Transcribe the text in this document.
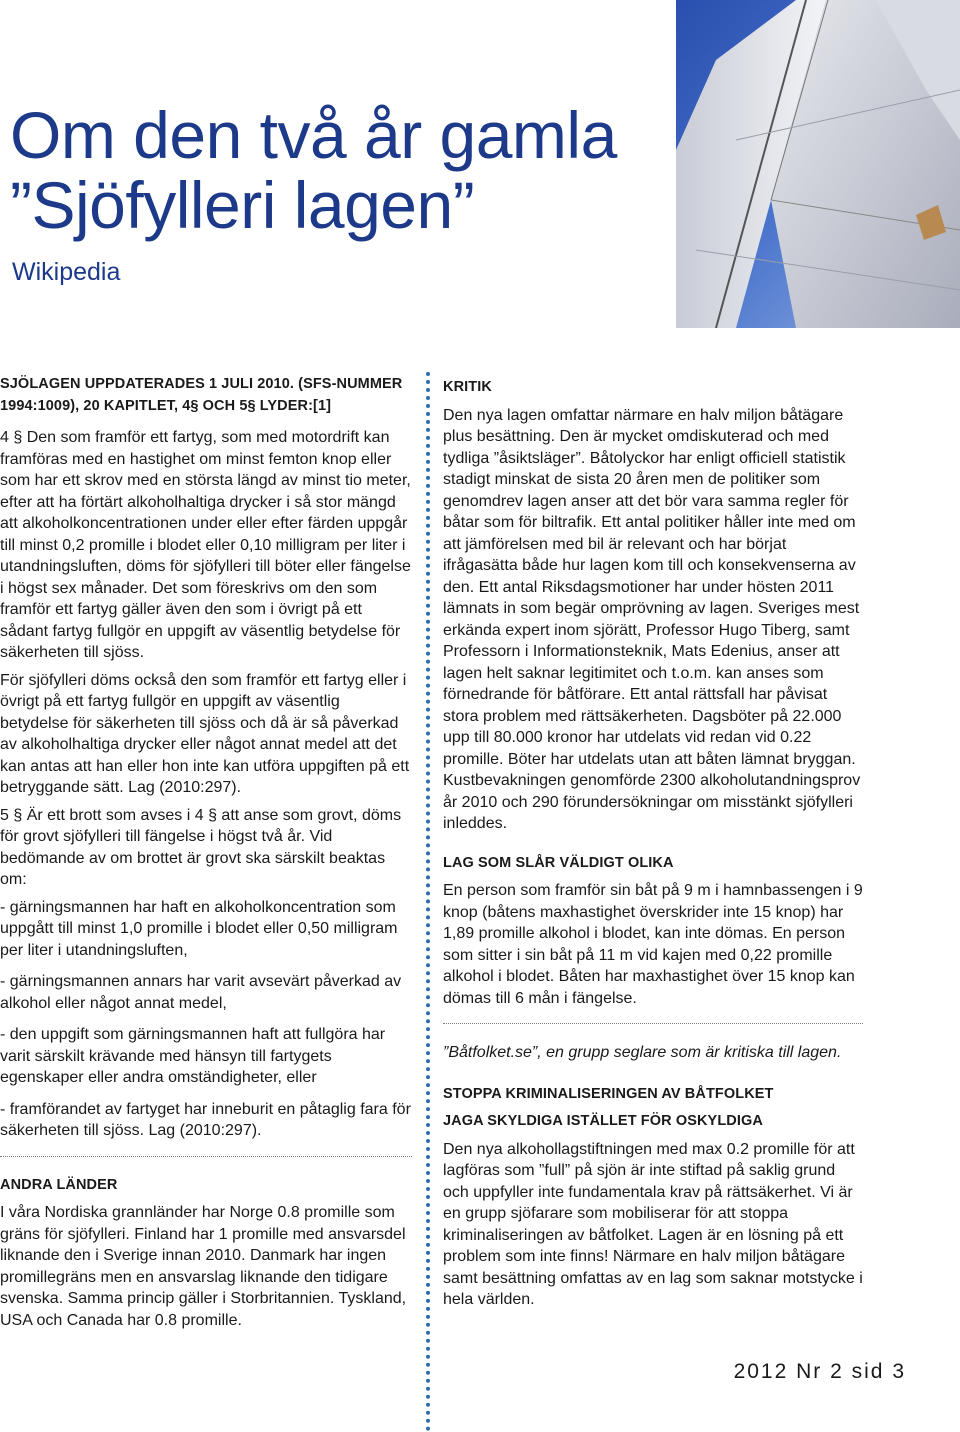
Om den två år gamla
”Sjöfylleri lagen”
Wikipedia
SJÖLAGEN UPPDATERADES 1 JULI 2010. (SFS-NUMMER 1994:1009), 20 KAPITLET, 4§ OCH 5§ LYDER:[1]

4 § Den som framför ett fartyg, som med motordrift kan framföras med en hastighet om minst femton knop eller som har ett skrov med en största längd av minst tio meter, efter att ha förtärt alkoholhaltiga drycker i så stor mängd att alkoholkoncentrationen under eller efter färden uppgår till minst 0,2 promille i blodet eller 0,10 milligram per liter i utandningsluften, döms för sjöfylleri till böter eller fängelse i högst sex månader. Det som föreskrivs om den som framför ett fartyg gäller även den som i övrigt på ett sådant fartyg fullgör en uppgift av väsentlig betydelse för säkerheten till sjöss.

För sjöfylleri döms också den som framför ett fartyg eller i övrigt på ett fartyg fullgör en uppgift av väsentlig betydelse för säkerheten till sjöss och då är så påverkad av alkoholhaltiga drycker eller något annat medel att det kan antas att han eller hon inte kan utföra uppgiften på ett betryggande sätt. Lag (2010:297).

5 § Är ett brott som avses i 4 § att anse som grovt, döms för grovt sjöfylleri till fängelse i högst två år. Vid bedömande av om brottet är grovt ska särskilt beaktas om:

- gärningsmannen har haft en alkoholkoncentration som uppgått till minst 1,0 promille i blodet eller 0,50 milligram per liter i utandningsluften,

- gärningsmannen annars har varit avsevärt påverkad av alkohol eller något annat medel,

- den uppgift som gärningsmannen haft att fullgöra har varit särskilt krävande med hänsyn till fartygets egenskaper eller andra omständigheter, eller

- framförandet av fartyget har inneburit en påtaglig fara för säkerheten till sjöss. Lag (2010:297).

ANDRA LÄNDER

I våra Nordiska grannländer har Norge 0.8 promille som gräns för sjöfylleri. Finland har 1 promille med ansvarsdel liknande den i Sverige innan 2010. Danmark har ingen promillegräns men en ansvarslag liknande den tidigare svenska. Samma princip gäller i Storbritannien. Tyskland, USA och Canada har 0.8 promille.

KRITIK

Den nya lagen omfattar närmare en halv miljon båtägare plus besättning. Den är mycket omdiskuterad och med tydliga ”åsiktsläger”. Båtolyckor har enligt officiell statistik stadigt minskat de sista 20 åren men de politiker som genomdrev lagen anser att det bör vara samma regler för båtar som för biltrafik. Ett antal politiker håller inte med om att jämförelsen med bil är relevant och har börjat ifrågasätta både hur lagen kom till och konsekvenserna av den. Ett antal Riksdagsmotioner har under hösten 2011 lämnats in som begär omprövning av lagen. Sveriges mest erkända expert inom sjörätt, Professor Hugo Tiberg, samt Professorn i Informationsteknik, Mats Edenius, anser att lagen helt saknar legitimitet och t.o.m. kan anses som förnedrande för båtförare. Ett antal rättsfall har påvisat stora problem med rättsäkerheten. Dagsböter på 22.000 upp till 80.000 kronor har utdelats vid redan vid 0.22 promille. Böter har utdelats utan att båten lämnat bryggan. Kustbevakningen genomförde 2300 alkoholutandningsprov år 2010 och 290 förundersökningar om misstänkt sjöfylleri inleddes.

LAG SOM SLÅR VÄLDIGT OLIKA

En person som framför sin båt på 9 m i hamnbassengen i 9 knop (båtens maxhastighet överskrider inte 15 knop) har 1,89 promille alkohol i blodet, kan inte dömas. En person som sitter i sin båt på 11 m vid kajen med 0,22 promille alkohol i blodet. Båten har maxhastighet över 15 knop kan dömas till 6 mån i fängelse.

”Båtfolket.se”, en grupp seglare som är kritiska till lagen.

STOPPA KRIMINALISERINGEN AV BÅTFOLKET
JAGA SKYLDIGA ISTÄLLET FÖR OSKYLDIGA

Den nya alkohollagstiftningen med max 0.2 promille för att lagföras som ”full” på sjön är inte stiftad på saklig grund och uppfyller inte fundamentala krav på rättsäkerhet. Vi är en grupp sjöfarare som mobiliserar för att stoppa kriminaliseringen av båtfolket. Lagen är en lösning på ett problem som inte finns! Närmare en halv miljon båtägare samt besättning omfattas av en lag som saknar motstycke i hela världen.

2012 Nr 2 sid 3
